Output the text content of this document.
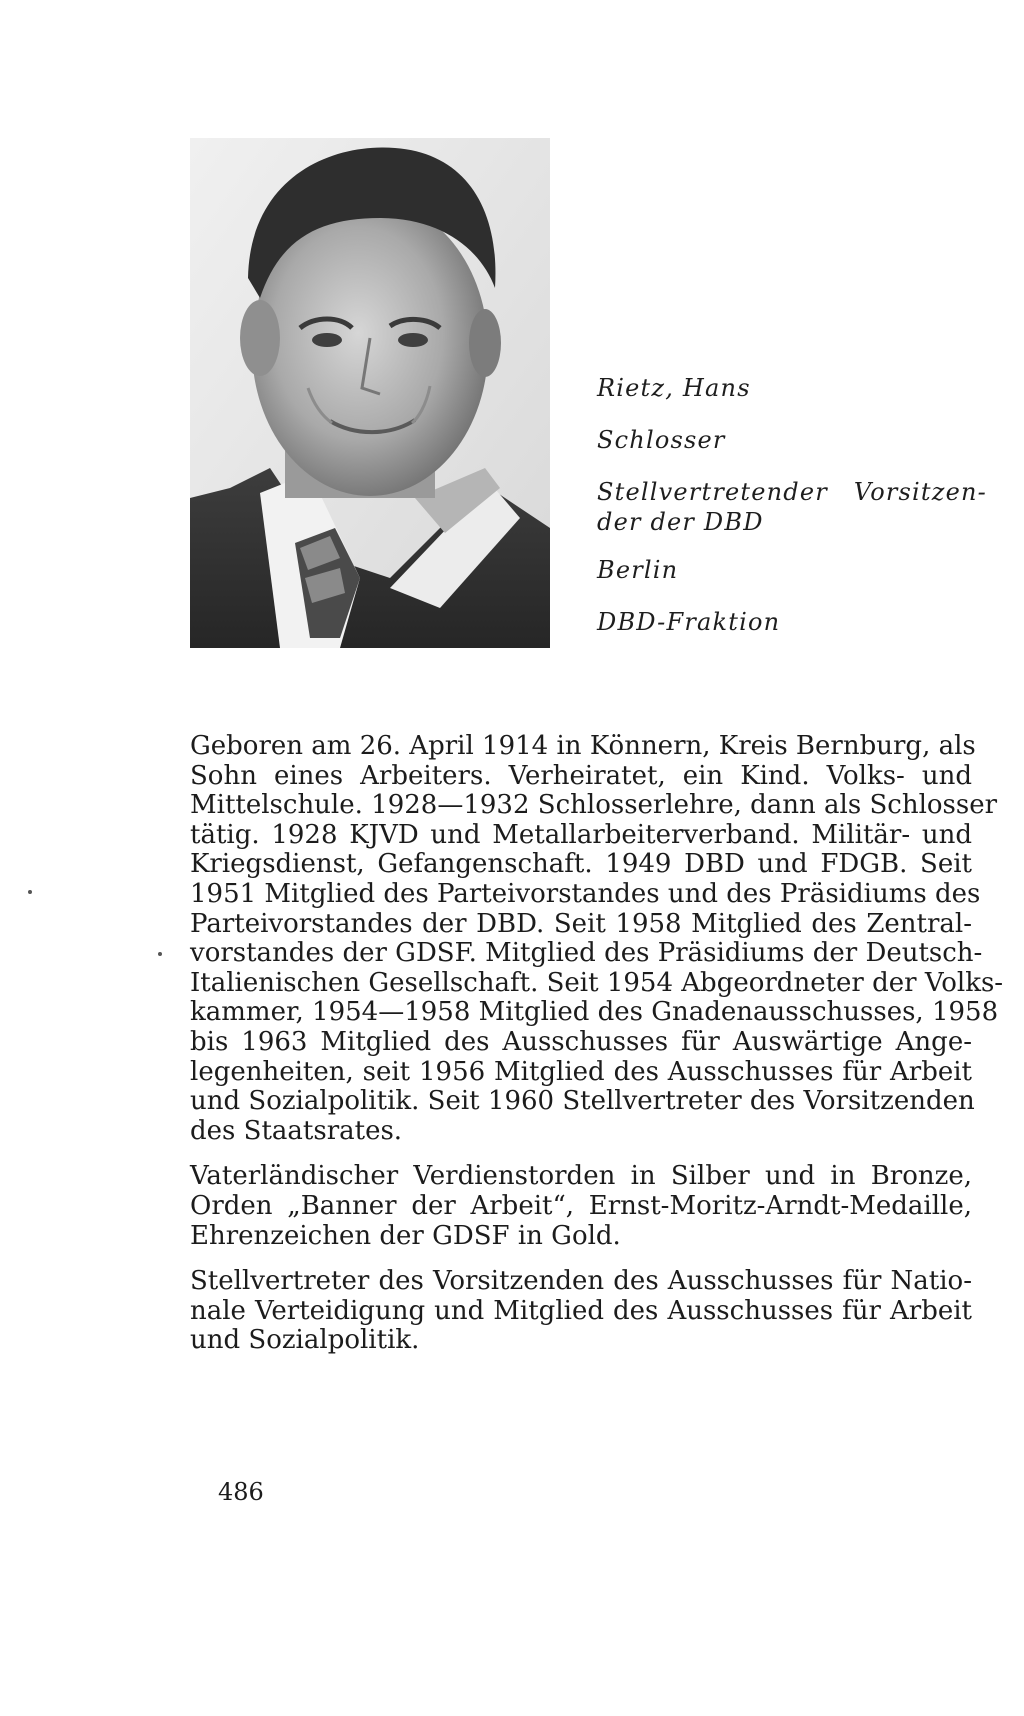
Rietz, Hans

Schlosser

Stellvertretender Vorsitzen-
der der DBD

Berlin

DBD-Fraktion

Geboren am 26. April 1914 in Könnern, Kreis Bernburg, als
Sohn eines Arbeiters. Verheiratet, ein Kind. Volks- und
Mittelschule. 1928—1932 Schlosserlehre, dann als Schlosser
tätig. 1928 KJVD und Metallarbeiterverband. Militär- und
Kriegsdienst, Gefangenschaft. 1949 DBD und FDGB. Seit
1951 Mitglied des Parteivorstandes und des Präsidiums des
Parteivorstandes der DBD. Seit 1958 Mitglied des Zentral-
vorstandes der GDSF. Mitglied des Präsidiums der Deutsch-
Italienischen Gesellschaft. Seit 1954 Abgeordneter der Volks-
kammer, 1954—1958 Mitglied des Gnadenausschusses, 1958
bis 1963 Mitglied des Ausschusses für Auswärtige Ange-
legenheiten, seit 1956 Mitglied des Ausschusses für Arbeit
und Sozialpolitik. Seit 1960 Stellvertreter des Vorsitzenden
des Staatsrates.

Vaterländischer Verdienstorden in Silber und in Bronze,
Orden „Banner der Arbeit“, Ernst-Moritz-Arndt-Medaille,
Ehrenzeichen der GDSF in Gold.

Stellvertreter des Vorsitzenden des Ausschusses für Natio-
nale Verteidigung und Mitglied des Ausschusses für Arbeit
und Sozialpolitik.

486
